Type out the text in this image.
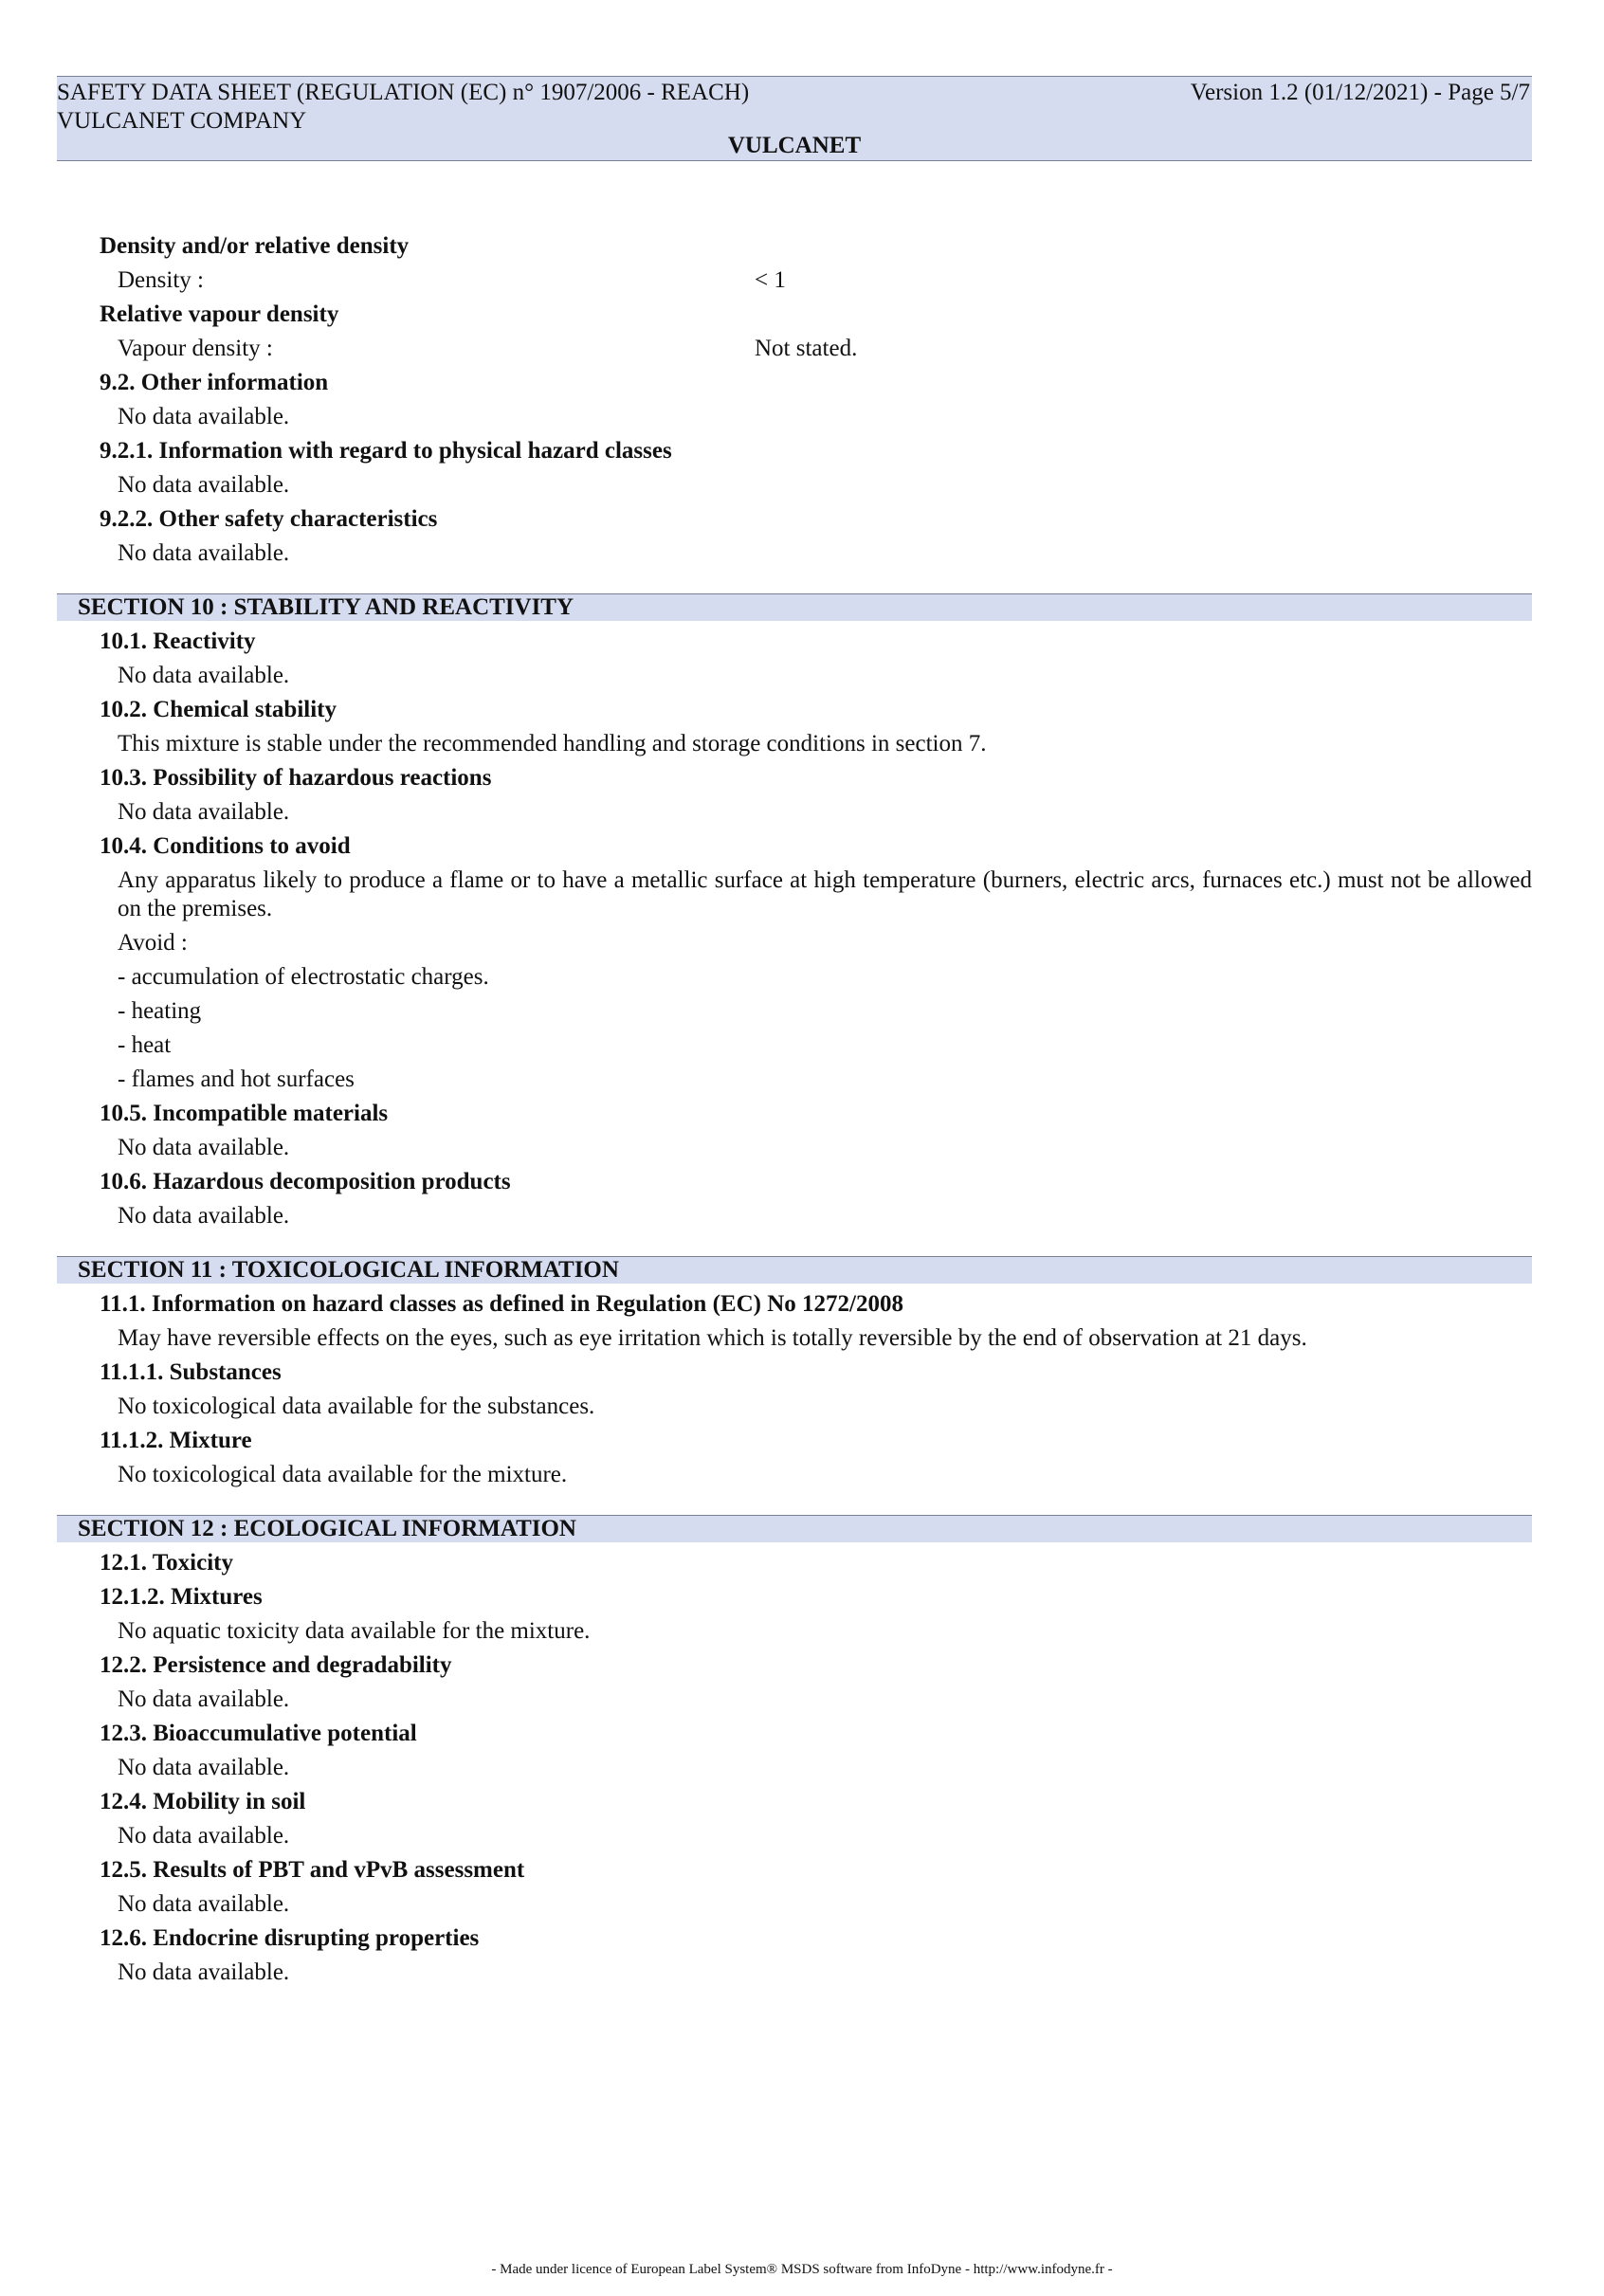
SAFETY DATA SHEET (REGULATION (EC) n° 1907/2006 - REACH)
VULCANET COMPANY
Version 1.2 (01/12/2021) - Page 5/7
VULCANET
Density and/or relative density
Density :	< 1
Relative vapour density
Vapour density :	Not stated.
9.2. Other information
No data available.
9.2.1. Information with regard to physical hazard classes
No data available.
9.2.2. Other safety characteristics
No data available.
SECTION 10 : STABILITY AND REACTIVITY
10.1. Reactivity
No data available.
10.2. Chemical stability
This mixture is stable under the recommended handling and storage conditions in section 7.
10.3. Possibility of hazardous reactions
No data available.
10.4. Conditions to avoid
Any apparatus likely to produce a flame or to have a metallic surface at high temperature (burners, electric arcs, furnaces etc.) must not be allowed on the premises.
Avoid :
- accumulation of electrostatic charges.
- heating
- heat
- flames and hot surfaces
10.5. Incompatible materials
No data available.
10.6. Hazardous decomposition products
No data available.
SECTION 11 : TOXICOLOGICAL INFORMATION
11.1. Information on hazard classes as defined in Regulation (EC) No 1272/2008
May have reversible effects on the eyes, such as eye irritation which is totally reversible by the end of observation at 21 days.
11.1.1. Substances
No toxicological data available for the substances.
11.1.2. Mixture
No toxicological data available for the mixture.
SECTION 12 : ECOLOGICAL INFORMATION
12.1. Toxicity
12.1.2. Mixtures
No aquatic toxicity data available for the mixture.
12.2. Persistence and degradability
No data available.
12.3. Bioaccumulative potential
No data available.
12.4. Mobility in soil
No data available.
12.5. Results of PBT and vPvB assessment
No data available.
12.6. Endocrine disrupting properties
No data available.
- Made under licence of European Label System® MSDS software from InfoDyne - http://www.infodyne.fr -
